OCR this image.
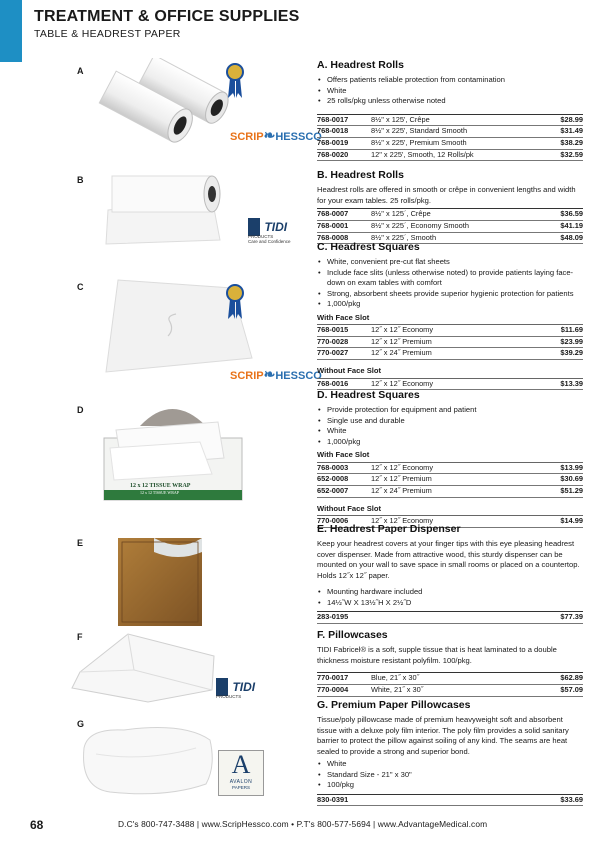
TREATMENT & OFFICE SUPPLIES
TABLE & HEADREST PAPER
A
B
C
D
E
F
G
SCRIP❧HESSCO
TIDI
PRODUCTS
Care and Confidence
SCRIP❧HESSCO
12 x 12 TISSUE WRAP
12 x 12 TISSUE WRAP
TIDI
PRODUCTS
A
AVALON
PAPERS
A. Headrest Rolls
• Offers patients reliable protection from contamination
• White
• 25 rolls/pkg unless otherwise noted
768-0017	8½" x 125', Crêpe	$28.99
768-0018	8½" x 225', Standard Smooth	$31.49
768-0019	8½" x 225', Premium Smooth	$38.29
768-0020	12" x 225', Smooth, 12 Rolls/pk	$32.59
B. Headrest Rolls
Headrest rolls are offered in smooth or crêpe in convenient lengths and width for your exam tables. 25 rolls/pkg.
768-0007	8½" x 125´, Crêpe	$36.59
768-0001	8½" x 225´, Economy Smooth	$41.19
768-0008	8½" x 225´, Smooth	$48.09
C. Headrest Squares
• White, convenient pre-cut flat sheets
• Include face slits (unless otherwise noted) to provide patients laying face-down on exam tables with comfort
• Strong, absorbent sheets provide superior hygienic protection for patients
• 1,000/pkg
With Face Slot
768-0015	12˝ x 12˝ Economy	$11.69
770-0028	12˝ x 12˝ Premium	$23.99
770-0027	12˝ x 24˝ Premium	$39.29
Without Face Slot
768-0016	12˝ x 12˝ Economy	$13.39
D. Headrest Squares
• Provide protection for equipment and patient
• Single use and durable
• White
• 1,000/pkg
With Face Slot
768-0003	12˝ x 12˝ Economy	$13.99
652-0008	12˝ x 12˝ Premium	$30.69
652-0007	12˝ x 24˝ Premium	$51.29
Without Face Slot
770-0006	12˝ x 12˝ Economy	$14.99
E. Headrest Paper Dispenser
Keep your headrest covers at your finger tips with this eye pleasing headrest cover dispenser. Made from attractive wood, this sturdy dispenser can be mounted on your wall to save space in small rooms or placed on a countertop. Holds 12˝x 12˝ paper.
• Mounting hardware included
• 14½˝W X 13½˝H X 2½˝D
283-0195	$77.39
F. Pillowcases
TIDI Fabricel® is a soft, supple tissue that is heat laminated to a double thickness moisture resistant polyfilm. 100/pkg.
770-0017	Blue, 21˝ x 30˝	$62.89
770-0004	White, 21˝ x 30˝	$57.09
G. Premium Paper Pillowcases
Tissue/poly pillowcase made of premium heavyweight soft and absorbent tissue with a deluxe poly film interior. The poly film provides a solid sanitary barrier to protect the pillow against soiling of any kind. The seams are heat sealed to provide a strong and superior bond.
• White
• Standard Size - 21" x 30"
• 100/pkg
830-0391	$33.69
68	D.C's 800-747-3488 | www.ScripHessco.com • P.T's 800-577-5694 | www.AdvantageMedical.com
